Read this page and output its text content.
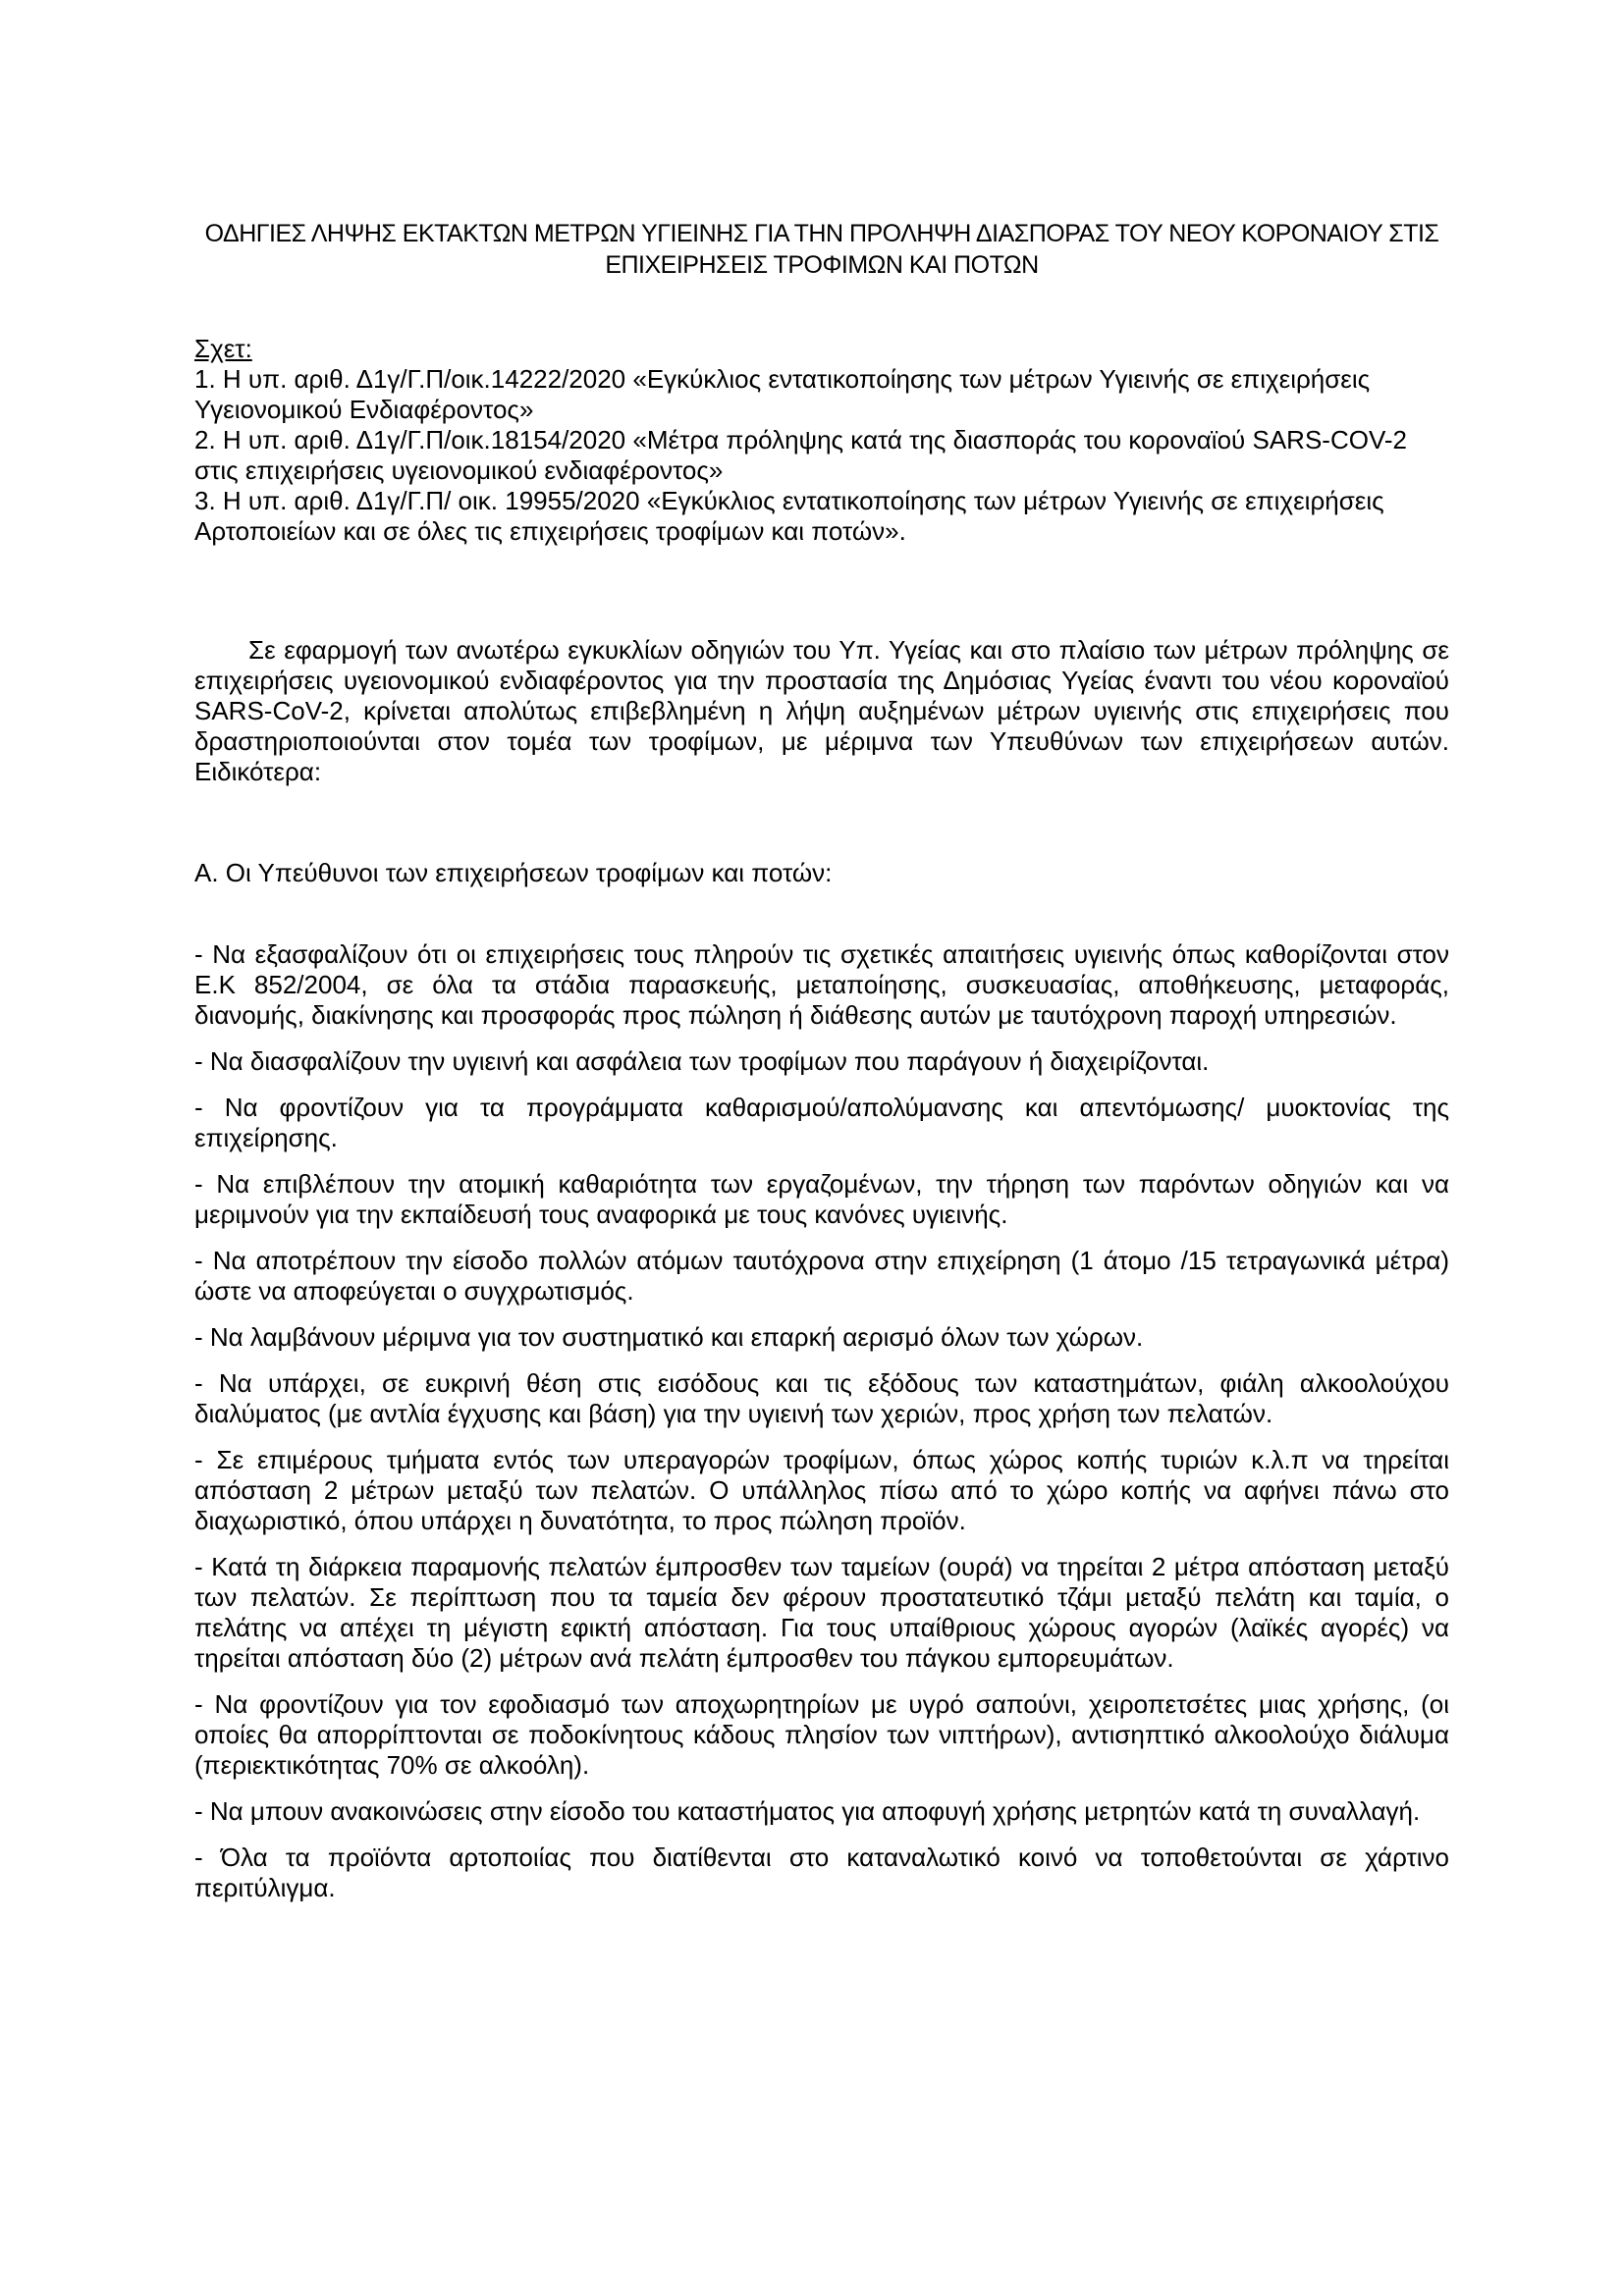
ΟΔΗΓΙΕΣ ΛΗΨΗΣ ΕΚΤΑΚΤΩΝ ΜΕΤΡΩΝ ΥΓΙΕΙΝΗΣ ΓΙΑ ΤΗΝ ΠΡΟΛΗΨΗ ΔΙΑΣΠΟΡΑΣ ΤΟΥ ΝΕΟΥ ΚΟΡΟΝΑΙΟΥ ΣΤΙΣ ΕΠΙΧΕΙΡΗΣΕΙΣ ΤΡΟΦΙΜΩΝ ΚΑΙ ΠΟΤΩΝ
Σχετ:
1. Η υπ. αριθ. Δ1γ/Γ.Π/οικ.14222/2020 «Εγκύκλιος εντατικοποίησης των μέτρων Υγιεινής σε επιχειρήσεις Υγειονομικού Ενδιαφέροντος»
2. Η υπ. αριθ. Δ1γ/Γ.Π/οικ.18154/2020 «Μέτρα πρόληψης κατά της διασποράς του κοροναϊού SARS-COV-2 στις επιχειρήσεις υγειονομικού ενδιαφέροντος»
3. Η υπ. αριθ. Δ1γ/Γ.Π/ οικ. 19955/2020 «Εγκύκλιος εντατικοποίησης των μέτρων Υγιεινής σε επιχειρήσεις Αρτοποιείων και σε όλες τις επιχειρήσεις τροφίμων και ποτών».
Σε εφαρμογή των ανωτέρω εγκυκλίων οδηγιών του Υπ. Υγείας και στο πλαίσιο των μέτρων πρόληψης σε επιχειρήσεις υγειονομικού ενδιαφέροντος για την προστασία της Δημόσιας Υγείας έναντι του νέου κοροναϊού SARS-CoV-2, κρίνεται απολύτως επιβεβλημένη η λήψη αυξημένων μέτρων υγιεινής στις επιχειρήσεις που δραστηριοποιούνται στον τομέα των τροφίμων, με μέριμνα των Υπευθύνων των επιχειρήσεων αυτών. Ειδικότερα:
Α. Οι Υπεύθυνοι των επιχειρήσεων τροφίμων και ποτών:

- Να εξασφαλίζουν ότι οι επιχειρήσεις τους πληρούν τις σχετικές απαιτήσεις υγιεινής όπως καθορίζονται στον Ε.Κ 852/2004, σε όλα τα στάδια παρασκευής, μεταποίησης, συσκευασίας, αποθήκευσης, μεταφοράς, διανομής, διακίνησης και προσφοράς προς πώληση ή διάθεσης αυτών με ταυτόχρονη παροχή υπηρεσιών.

- Να διασφαλίζουν την υγιεινή και ασφάλεια των τροφίμων που παράγουν ή διαχειρίζονται.

- Να φροντίζουν για τα προγράμματα καθαρισμού/απολύμανσης και απεντόμωσης/ μυοκτονίας της επιχείρησης.

- Να επιβλέπουν την ατομική καθαριότητα των εργαζομένων, την τήρηση των παρόντων οδηγιών και να μεριμνούν για την εκπαίδευσή τους αναφορικά με τους κανόνες υγιεινής.

- Να αποτρέπουν την είσοδο πολλών ατόμων ταυτόχρονα στην επιχείρηση (1 άτομο /15 τετραγωνικά μέτρα) ώστε να αποφεύγεται ο συγχρωτισμός.

- Να λαμβάνουν μέριμνα για τον συστηματικό και επαρκή αερισμό όλων των χώρων.

- Να υπάρχει, σε ευκρινή θέση στις εισόδους και τις εξόδους των καταστημάτων, φιάλη αλκοολούχου διαλύματος (με αντλία έγχυσης και βάση) για την υγιεινή των χεριών, προς χρήση των πελατών.

- Σε επιμέρους τμήματα εντός των υπεραγορών τροφίμων, όπως χώρος κοπής τυριών κ.λ.π να τηρείται απόσταση 2 μέτρων μεταξύ των πελατών. Ο υπάλληλος πίσω από το χώρο κοπής να αφήνει πάνω στο διαχωριστικό, όπου υπάρχει η δυνατότητα, το προς πώληση προϊόν.

- Κατά τη διάρκεια παραμονής πελατών έμπροσθεν των ταμείων (ουρά) να τηρείται 2 μέτρα απόσταση μεταξύ των πελατών. Σε περίπτωση που τα ταμεία δεν φέρουν προστατευτικό τζάμι μεταξύ πελάτη και ταμία, ο πελάτης να απέχει τη μέγιστη εφικτή απόσταση. Για τους υπαίθριους χώρους αγορών (λαϊκές αγορές) να τηρείται απόσταση δύο (2) μέτρων ανά πελάτη έμπροσθεν του πάγκου εμπορευμάτων.

- Να φροντίζουν για τον εφοδιασμό των αποχωρητηρίων με υγρό σαπούνι, χειροπετσέτες μιας χρήσης, (οι οποίες θα απορρίπτονται σε ποδοκίνητους κάδους πλησίον των νιπτήρων), αντισηπτικό αλκοολούχο διάλυμα (περιεκτικότητας 70% σε αλκοόλη).

- Να μπουν ανακοινώσεις στην είσοδο του καταστήματος για αποφυγή χρήσης μετρητών κατά τη συναλλαγή.

- Όλα τα προϊόντα αρτοποιίας που διατίθενται στο καταναλωτικό κοινό να τοποθετούνται σε χάρτινο περιτύλιγμα.
